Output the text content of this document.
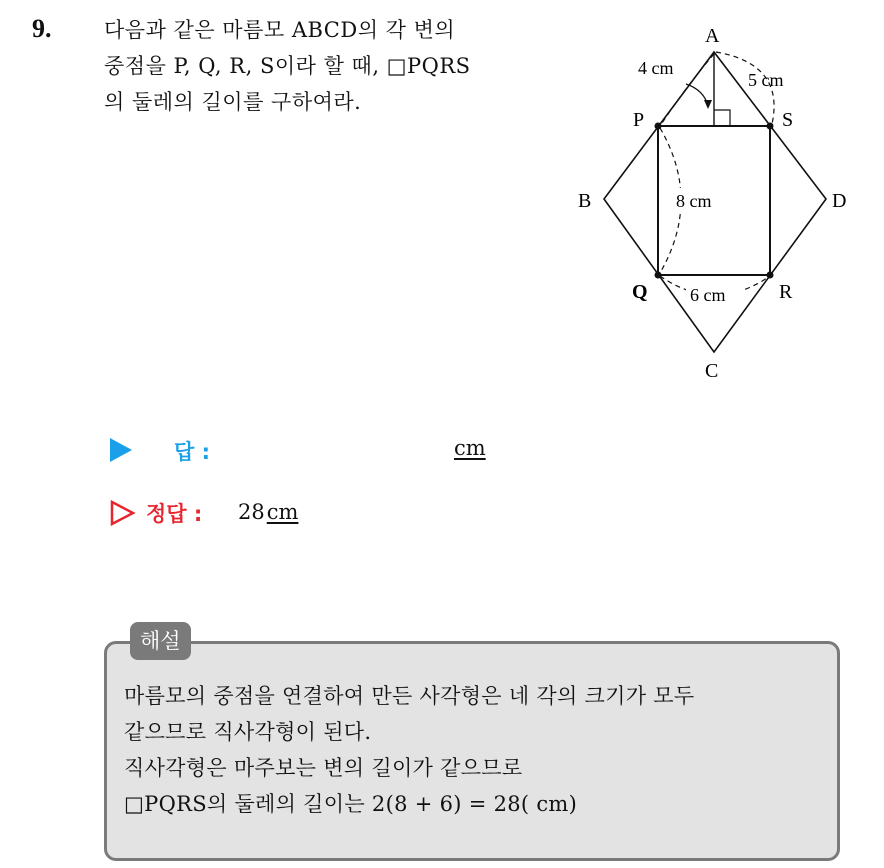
9.	다음과 같은 마름모 ABCD의 각 변의
중점을 P, Q, R, S이라 할 때, □PQRS
의 둘레의 길이를 구하여라.
A
B
C
D
P	S
Q	R
4 cm
5 cm
8 cm
6 cm
답 :	cm
정답 : 28cm
해설
마름모의 중점을 연결하여 만든 사각형은 네 각의 크기가 모두
같으므로 직사각형이 된다.
직사각형은 마주보는 변의 길이가 같으므로
□PQRS의 둘레의 길이는 2(8 + 6) = 28( cm)
